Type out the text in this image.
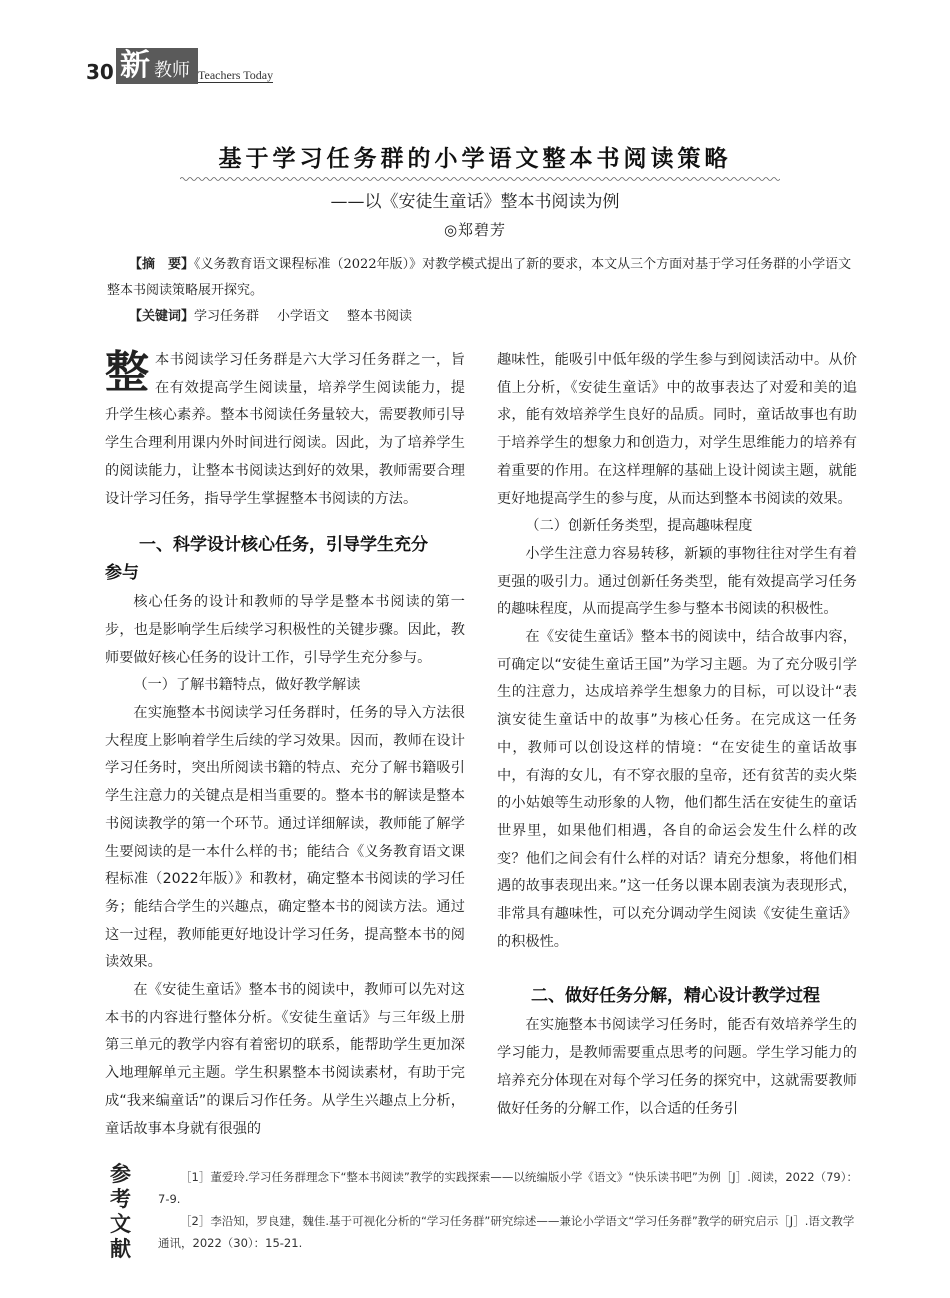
30 新 教师 Teachers Today
基于学习任务群的小学语文整本书阅读策略
——以《安徒生童话》整本书阅读为例
◎郑碧芳

【摘　要】《义务教育语文课程标准（2022年版）》对教学模式提出了新的要求，本文从三个方面对基于学习任务群的小学语文整本书阅读策略展开探究。

【关键词】学习任务群 小学语文 整本书阅读

整本书阅读学习任务群是六大学习任务群之一，旨在有效提高学生阅读量，培养学生阅读能力，提升学生核心素养。整本书阅读任务量较大，需要教师引导学生合理利用课内外时间进行阅读。因此，为了培养学生的阅读能力，让整本书阅读达到好的效果，教师需要合理设计学习任务，指导学生掌握整本书阅读的方法。

一、科学设计核心任务，引导学生充分
参与

核心任务的设计和教师的导学是整本书阅读的第一步，也是影响学生后续学习积极性的关键步骤。因此，教师要做好核心任务的设计工作，引导学生充分参与。

（一）了解书籍特点，做好教学解读

在实施整本书阅读学习任务群时，任务的导入方法很大程度上影响着学生后续的学习效果。因而，教师在设计学习任务时，突出所阅读书籍的特点、充分了解书籍吸引学生注意力的关键点是相当重要的。整本书的解读是整本书阅读教学的第一个环节。通过详细解读，教师能了解学生要阅读的是一本什么样的书；能结合《义务教育语文课程标准（2022年版）》和教材，确定整本书阅读的学习任务；能结合学生的兴趣点，确定整本书的阅读方法。通过这一过程，教师能更好地设计学习任务，提高整本书的阅读效果。

在《安徒生童话》整本书的阅读中，教师可以先对这本书的内容进行整体分析。《安徒生童话》与三年级上册第三单元的教学内容有着密切的联系，能帮助学生更加深入地理解单元主题。学生积累整本书阅读素材，有助于完成“我来编童话”的课后习作任务。从学生兴趣点上分析，童话故事本身就有很强的

趣味性，能吸引中低年级的学生参与到阅读活动中。从价值上分析，《安徒生童话》中的故事表达了对爱和美的追求，能有效培养学生良好的品质。同时，童话故事也有助于培养学生的想象力和创造力，对学生思维能力的培养有着重要的作用。在这样理解的基础上设计阅读主题，就能更好地提高学生的参与度，从而达到整本书阅读的效果。

（二）创新任务类型，提高趣味程度

小学生注意力容易转移，新颖的事物往往对学生有着更强的吸引力。通过创新任务类型，能有效提高学习任务的趣味程度，从而提高学生参与整本书阅读的积极性。

在《安徒生童话》整本书的阅读中，结合故事内容，可确定以“安徒生童话王国”为学习主题。为了充分吸引学生的注意力，达成培养学生想象力的目标，可以设计“表演安徒生童话中的故事”为核心任务。在完成这一任务中，教师可以创设这样的情境：“在安徒生的童话故事中，有海的女儿，有不穿衣服的皇帝，还有贫苦的卖火柴的小姑娘等生动形象的人物，他们都生活在安徒生的童话世界里，如果他们相遇，各自的命运会发生什么样的改变？他们之间会有什么样的对话？请充分想象，将他们相遇的故事表现出来。”这一任务以课本剧表演为表现形式，非常具有趣味性，可以充分调动学生阅读《安徒生童话》的积极性。

二、做好任务分解，精心设计教学过程

在实施整本书阅读学习任务时，能否有效培养学生的学习能力，是教师需要重点思考的问题。学生学习能力的培养充分体现在对每个学习任务的探究中，这就需要教师做好任务的分解工作，以合适的任务引

参考文献

［1］董爱玲.学习任务群理念下“整本书阅读”教学的实践探索——以统编版小学《语文》“快乐读书吧”为例［J］.阅读，2022（79）：7-9.

［2］李沿知，罗良建，魏佳.基于可视化分析的“学习任务群”研究综述——兼论小学语文“学习任务群”教学的研究启示［J］.语文教学通讯，2022（30）：15-21.
